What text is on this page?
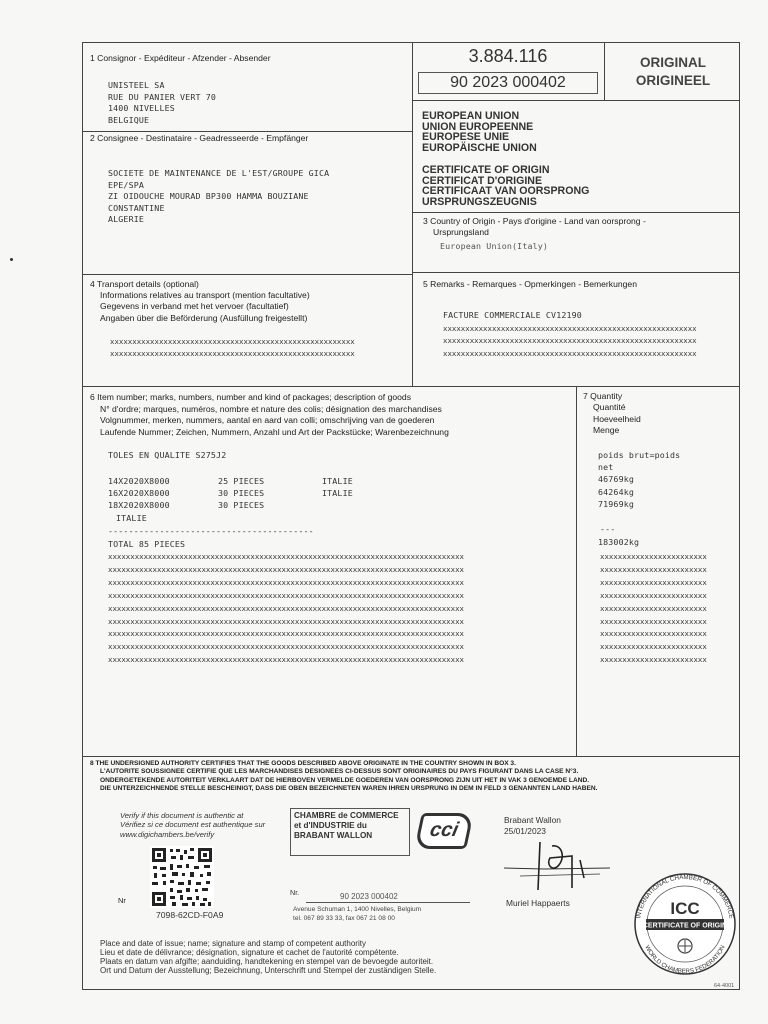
3.884.116
90 2023 000402
ORIGINAL
ORIGINEEL
1 Consignor - Expéditeur - Afzender - Absender
UNISTEEL SA
RUE DU PANIER VERT 70
1400 NIVELLES
BELGIQUE
2 Consignee - Destinataire - Geadresseerde - Empfänger
SOCIETE DE MAINTENANCE DE L'EST/GROUPE GICA
EPE/SPA
ZI OIDOUCHE MOURAD BP300 HAMMA BOUZIANE
CONSTANTINE
ALGERIE
EUROPEAN UNION
UNION EUROPEENNE
EUROPESE UNIE
EUROPÄISCHE UNION
CERTIFICATE OF ORIGIN
CERTIFICAT D'ORIGINE
CERTIFICAAT VAN OORSPRONG
URSPRUNGSZEUGNIS
3 Country of Origin - Pays d'origine - Land van oorsprong -
Ursprungsland
European Union(Italy)
4 Transport details (optional)
Informations relatives au transport (mention facultative)
Gegevens in verband met het vervoer (facultatief)
Angaben über die Beförderung (Ausfüllung freigestellt)
xxxxxxxxxxxxxxxxxxxxxxxxxxxxxxxxxxxxxxxxxxxxxxxxxxxxxxx
xxxxxxxxxxxxxxxxxxxxxxxxxxxxxxxxxxxxxxxxxxxxxxxxxxxxxxx
5 Remarks - Remarques - Opmerkingen - Bemerkungen
FACTURE COMMERCIALE CV12190
xxxxxxxxxxxxxxxxxxxxxxxxxxxxxxxxxxxxxxxxxxxxxxxxxxxxxxxxx
xxxxxxxxxxxxxxxxxxxxxxxxxxxxxxxxxxxxxxxxxxxxxxxxxxxxxxxxx
xxxxxxxxxxxxxxxxxxxxxxxxxxxxxxxxxxxxxxxxxxxxxxxxxxxxxxxxx
6 Item number; marks, numbers, number and kind of packages; description of goods
N° d'ordre; marques, numéros, nombre et nature des colis; désignation des marchandises
Volgnummer, merken, nummers, aantal en aard van colli; omschrijving van de goederen
Laufende Nummer; Zeichen, Nummern, Anzahl und Art der Packstücke; Warenbezeichnung
TOLES EN QUALITE S275J2
14X2020X8000	25 PIECES	ITALIE
16X2020X8000	30 PIECES	ITALIE
18X2020X8000	30 PIECES
ITALIE
----------------------------------------
TOTAL 85 PIECES
xxxxxxxxxxxxxxxxxxxxxxxxxxxxxxxxxxxxxxxxxxxxxxxxxxxxxxxxxxxxxxxxxxxxxxxxxxxxxxxx
xxxxxxxxxxxxxxxxxxxxxxxxxxxxxxxxxxxxxxxxxxxxxxxxxxxxxxxxxxxxxxxxxxxxxxxxxxxxxxxx
xxxxxxxxxxxxxxxxxxxxxxxxxxxxxxxxxxxxxxxxxxxxxxxxxxxxxxxxxxxxxxxxxxxxxxxxxxxxxxxx
xxxxxxxxxxxxxxxxxxxxxxxxxxxxxxxxxxxxxxxxxxxxxxxxxxxxxxxxxxxxxxxxxxxxxxxxxxxxxxxx
xxxxxxxxxxxxxxxxxxxxxxxxxxxxxxxxxxxxxxxxxxxxxxxxxxxxxxxxxxxxxxxxxxxxxxxxxxxxxxxx
xxxxxxxxxxxxxxxxxxxxxxxxxxxxxxxxxxxxxxxxxxxxxxxxxxxxxxxxxxxxxxxxxxxxxxxxxxxxxxxx
xxxxxxxxxxxxxxxxxxxxxxxxxxxxxxxxxxxxxxxxxxxxxxxxxxxxxxxxxxxxxxxxxxxxxxxxxxxxxxxx
xxxxxxxxxxxxxxxxxxxxxxxxxxxxxxxxxxxxxxxxxxxxxxxxxxxxxxxxxxxxxxxxxxxxxxxxxxxxxxxx
xxxxxxxxxxxxxxxxxxxxxxxxxxxxxxxxxxxxxxxxxxxxxxxxxxxxxxxxxxxxxxxxxxxxxxxxxxxxxxxx
7 Quantity
Quantité
Hoeveelheid
Menge
poids brut=poids
net
46769kg
64264kg
71969kg
---
183002kg
xxxxxxxxxxxxxxxxxxxxxxxx
xxxxxxxxxxxxxxxxxxxxxxxx
xxxxxxxxxxxxxxxxxxxxxxxx
xxxxxxxxxxxxxxxxxxxxxxxx
xxxxxxxxxxxxxxxxxxxxxxxx
xxxxxxxxxxxxxxxxxxxxxxxx
xxxxxxxxxxxxxxxxxxxxxxxx
xxxxxxxxxxxxxxxxxxxxxxxx
xxxxxxxxxxxxxxxxxxxxxxxx
8 THE UNDERSIGNED AUTHORITY CERTIFIES THAT THE GOODS DESCRIBED ABOVE ORIGINATE IN THE COUNTRY SHOWN IN BOX 3.
L'AUTORITE SOUSSIGNEE CERTIFIE QUE LES MARCHANDISES DESIGNEES CI-DESSUS SONT ORIGINAIRES DU PAYS FIGURANT DANS LA CASE N°3.
ONDERGETEKENDE AUTORITEIT VERKLAART DAT DE HIERBOVEN VERMELDE GOEDEREN VAN OORSPRONG ZIJN UIT HET IN VAK 3 GENOEMDE LAND.
DIE UNTERZEICHNENDE STELLE BESCHEINIGT, DASS DIE OBEN BEZEICHNETEN WAREN IHREN URSPRUNG IN DEM IN FELD 3 GENANNTEN LAND HABEN.
Verify if this document is authentic at
Vérifiez si ce document est authentique sur
www.digichambers.be/verify
Nr
7098-62CD-F0A9
CHAMBRE de COMMERCE
et d'INDUSTRIE du
BRABANT WALLON	cci
Nr.	90 2023 000402
Avenue Schuman 1, 1400 Nivelles, Belgium
tel. 067 89 33 33, fax 067 21 08 00
Brabant Wallon
25/01/2023
Muriel Happaerts
INTERNATIONAL CHAMBER OF COMMERCE
WORLD CHAMBERS FEDERATION
ICC
CERTIFICATE OF ORIGIN
Place and date of issue; name; signature and stamp of competent authority
Lieu et date de délivrance; désignation, signature et cachet de l'autorité compétente.
Plaats en datum van afgifte; aanduiding, handtekening en stempel van de bevoegde autoriteit.
Ort und Datum der Ausstellung; Bezeichnung, Unterschrift und Stempel der zuständigen Stelle.
64-4001
